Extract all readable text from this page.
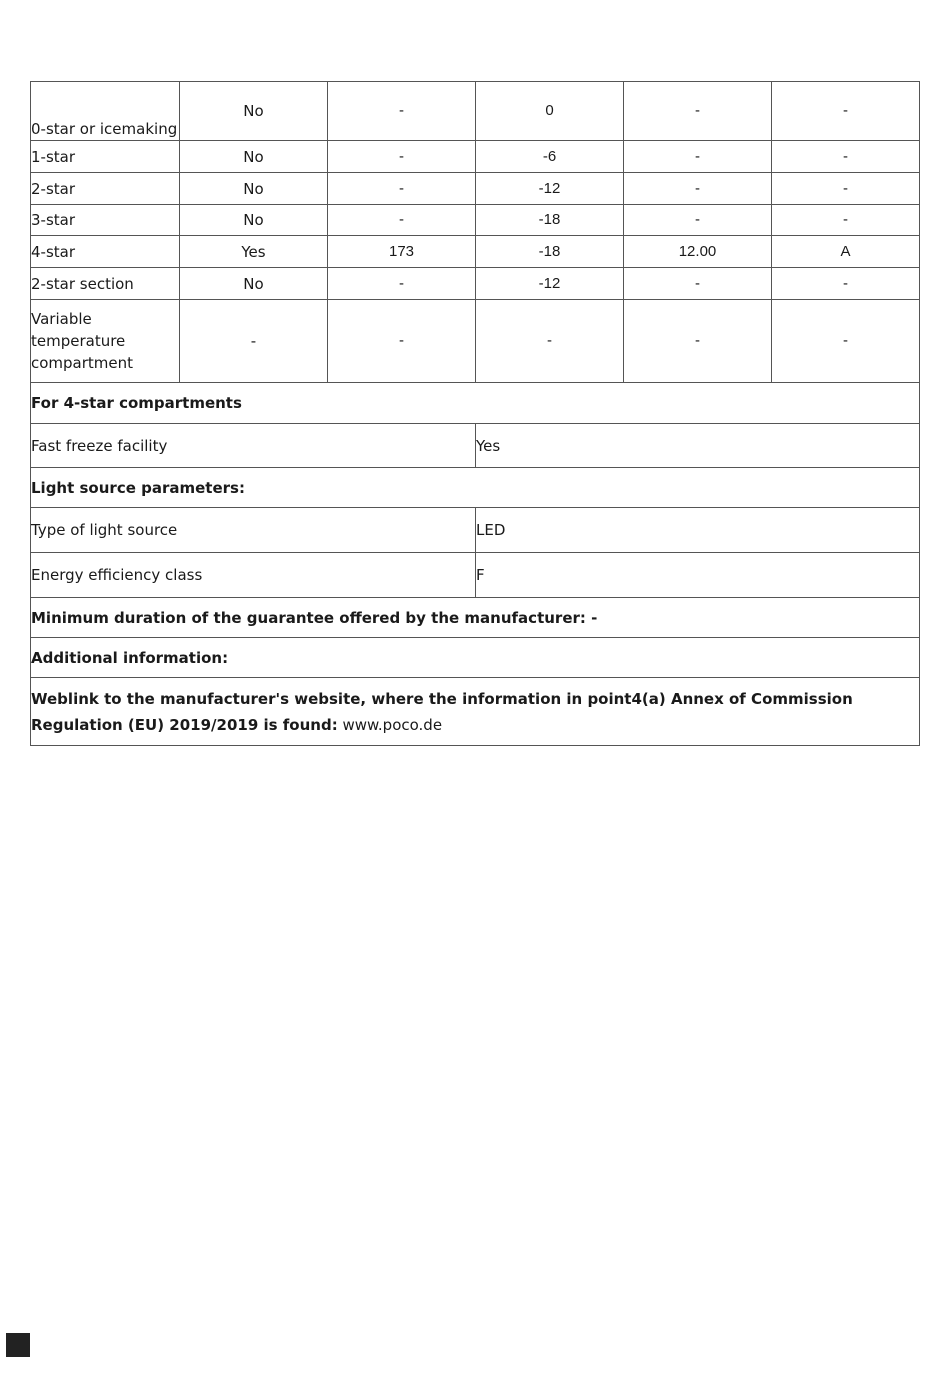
0-star or icemaking	No	-	0	-	-
1-star	No	-	-6	-	-
2-star	No	-	-12	-	-
3-star	No	-	-18	-	-
4-star	Yes	173	-18	12.00	A
2-star section	No	-	-12	-	-
Variable temperature compartment	-	-	-	-	-
For 4-star compartments					
Fast freeze facility			Yes		
Light source parameters:					
Type of light source			LED		
Energy efficiency class			F		
Minimum duration of the guarantee offered by the manufacturer: -					
Additional information:					
Weblink to the manufacturer's website, where the information in point4(a) Annex of Commission Regulation (EU) 2019/2019 is found: www.poco.de					
